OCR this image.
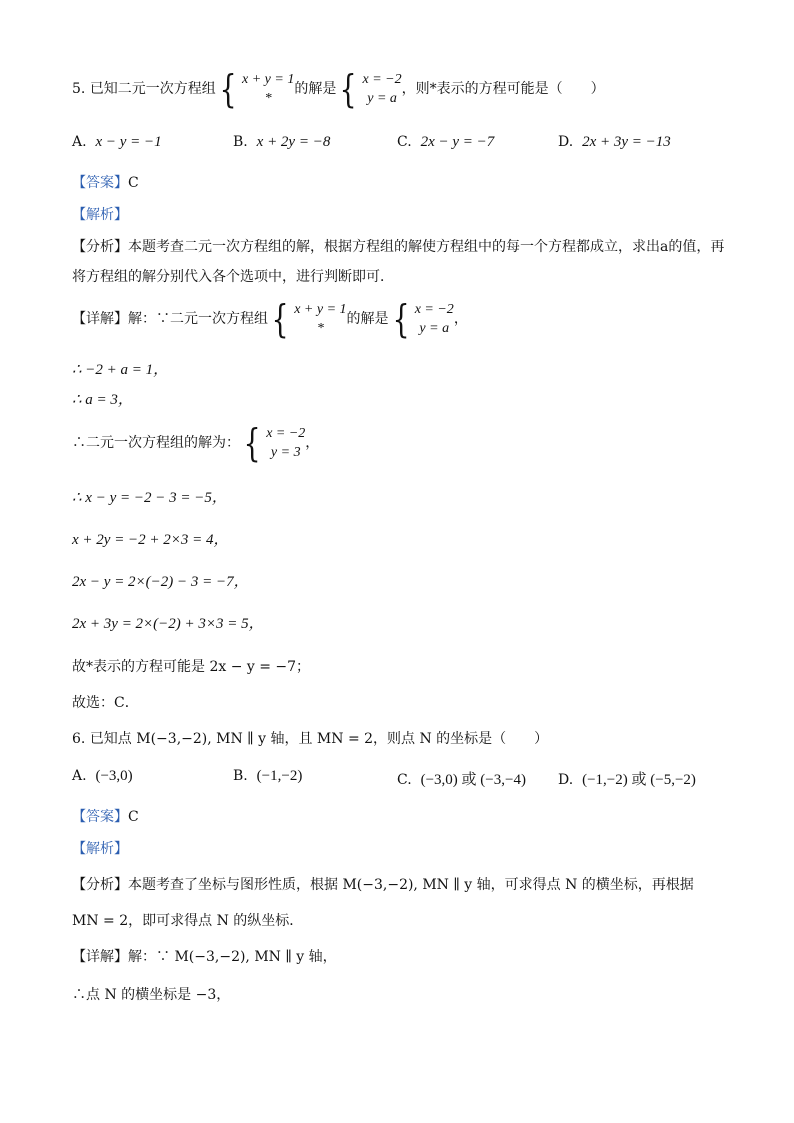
5. 已知二元一次方程组 { x + y = 1
*
的解是 { x = −2
y = a
，则*表示的方程可能是（　　）
A. x − y = −1	B. x + 2y = −8	C. 2x − y = −7	D. 2x + 3y = −13
【答案】C
【解析】
【分析】本题考查二元一次方程组的解，根据方程组的解使方程组中的每一个方程都成立，求出a的值，再
将方程组的解分别代入各个选项中，进行判断即可．
【详解】解：∵二元一次方程组 { x + y = 1
*
的解是 { x = −2
y = a
，
∴ −2 + a = 1，
∴ a = 3，
∴二元一次方程组的解为： { x = −2
y = 3
，
∴ x − y = −2 − 3 = −5，
x + 2y = −2 + 2×3 = 4，
2x − y = 2×(−2) − 3 = −7，
2x + 3y = 2×(−2) + 3×3 = 5，
故*表示的方程可能是 2x − y = −7；
故选：C．
6. 已知点 M(−3,−2), MN ∥ y 轴，且 MN = 2，则点 N 的坐标是（　　）
A. (−3,0)	B. (−1,−2)	C. (−3,0) 或 (−3,−4) D. (−1,−2) 或 (−5,−2)
【答案】C
【解析】
【分析】本题考查了坐标与图形性质，根据 M(−3,−2), MN ∥ y 轴，可求得点 N 的横坐标，再根据
MN = 2，即可求得点 N 的纵坐标．
【详解】解：∵ M(−3,−2), MN ∥ y 轴，
∴点 N 的横坐标是 −3，
